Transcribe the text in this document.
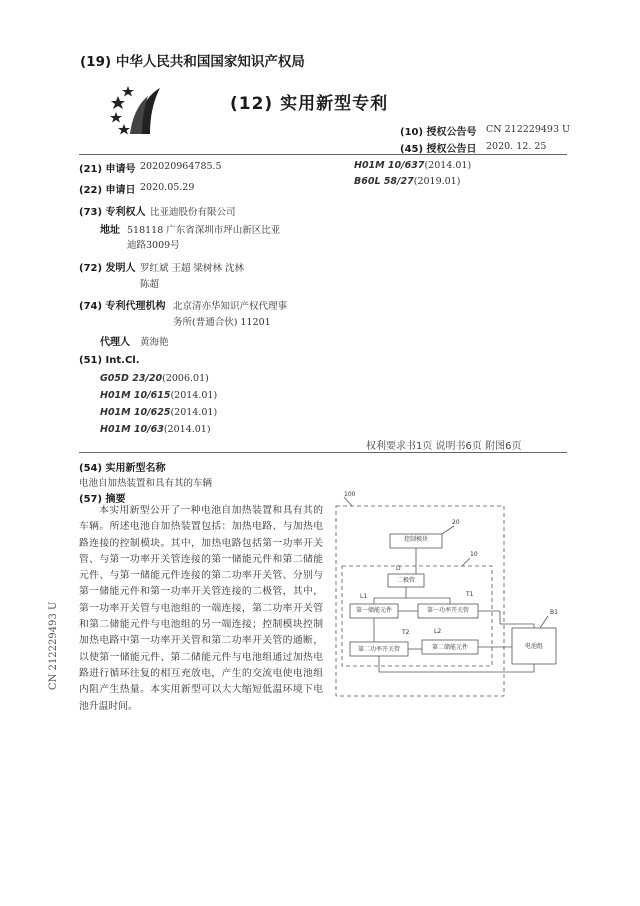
(19) 中华人民共和国国家知识产权局
(12) 实用新型专利
(10) 授权公告号 CN 212229493 U
(45) 授权公告日 2020. 12. 25
(21) 申请号 202020964785.5
(22) 申请日 2020.05.29
(73) 专利权人 比亚迪股份有限公司
地址 518118 广东省深圳市坪山新区比亚
迪路3009号
(72) 发明人 罗红斌 王超 梁树林 沈林
陈超
(74) 专利代理机构 北京清亦华知识产权代理事
务所(普通合伙) 11201
代理人 黄海艳
(51) Int.Cl.
G05D 23/20(2006.01)
H01M 10/615(2014.01)
H01M 10/625(2014.01)
H01M 10/63(2014.01)
H01M 10/637(2014.01)
B60L 58/27(2019.01)
权利要求书1页 说明书6页 附图6页
(54) 实用新型名称
电池自加热装置和具有其的车辆
(57) 摘要
本实用新型公开了一种电池自加热装置和具有其的车辆。所述电池自加热装置包括：加热电路、与加热电路连接的控制模块。其中，加热电路包括第一功率开关管、与第一功率开关管连接的第一储能元件和第二储能元件、与第一储能元件连接的第二功率开关管、分别与第一储能元件和第一功率开关管连接的二极管，其中，第一功率开关管与电池组的一端连接，第二功率开关管和第二储能元件与电池组的另一端连接；控制模块控制加热电路中第一功率开关管和第二功率开关管的通断，以使第一储能元件、第二储能元件与电池组通过加热电路进行循环往复的相互充放电，产生的交流电使电池组内阻产生热量。本实用新型可以大大缩短低温环境下电池升温时间。
CN 212229493 U
100
20
控制模块
D
10
二极管
L1
第一储能元件
T1
第一功率开关管
T2
第二功率开关管
L2
第二储能元件
B1
电池组
